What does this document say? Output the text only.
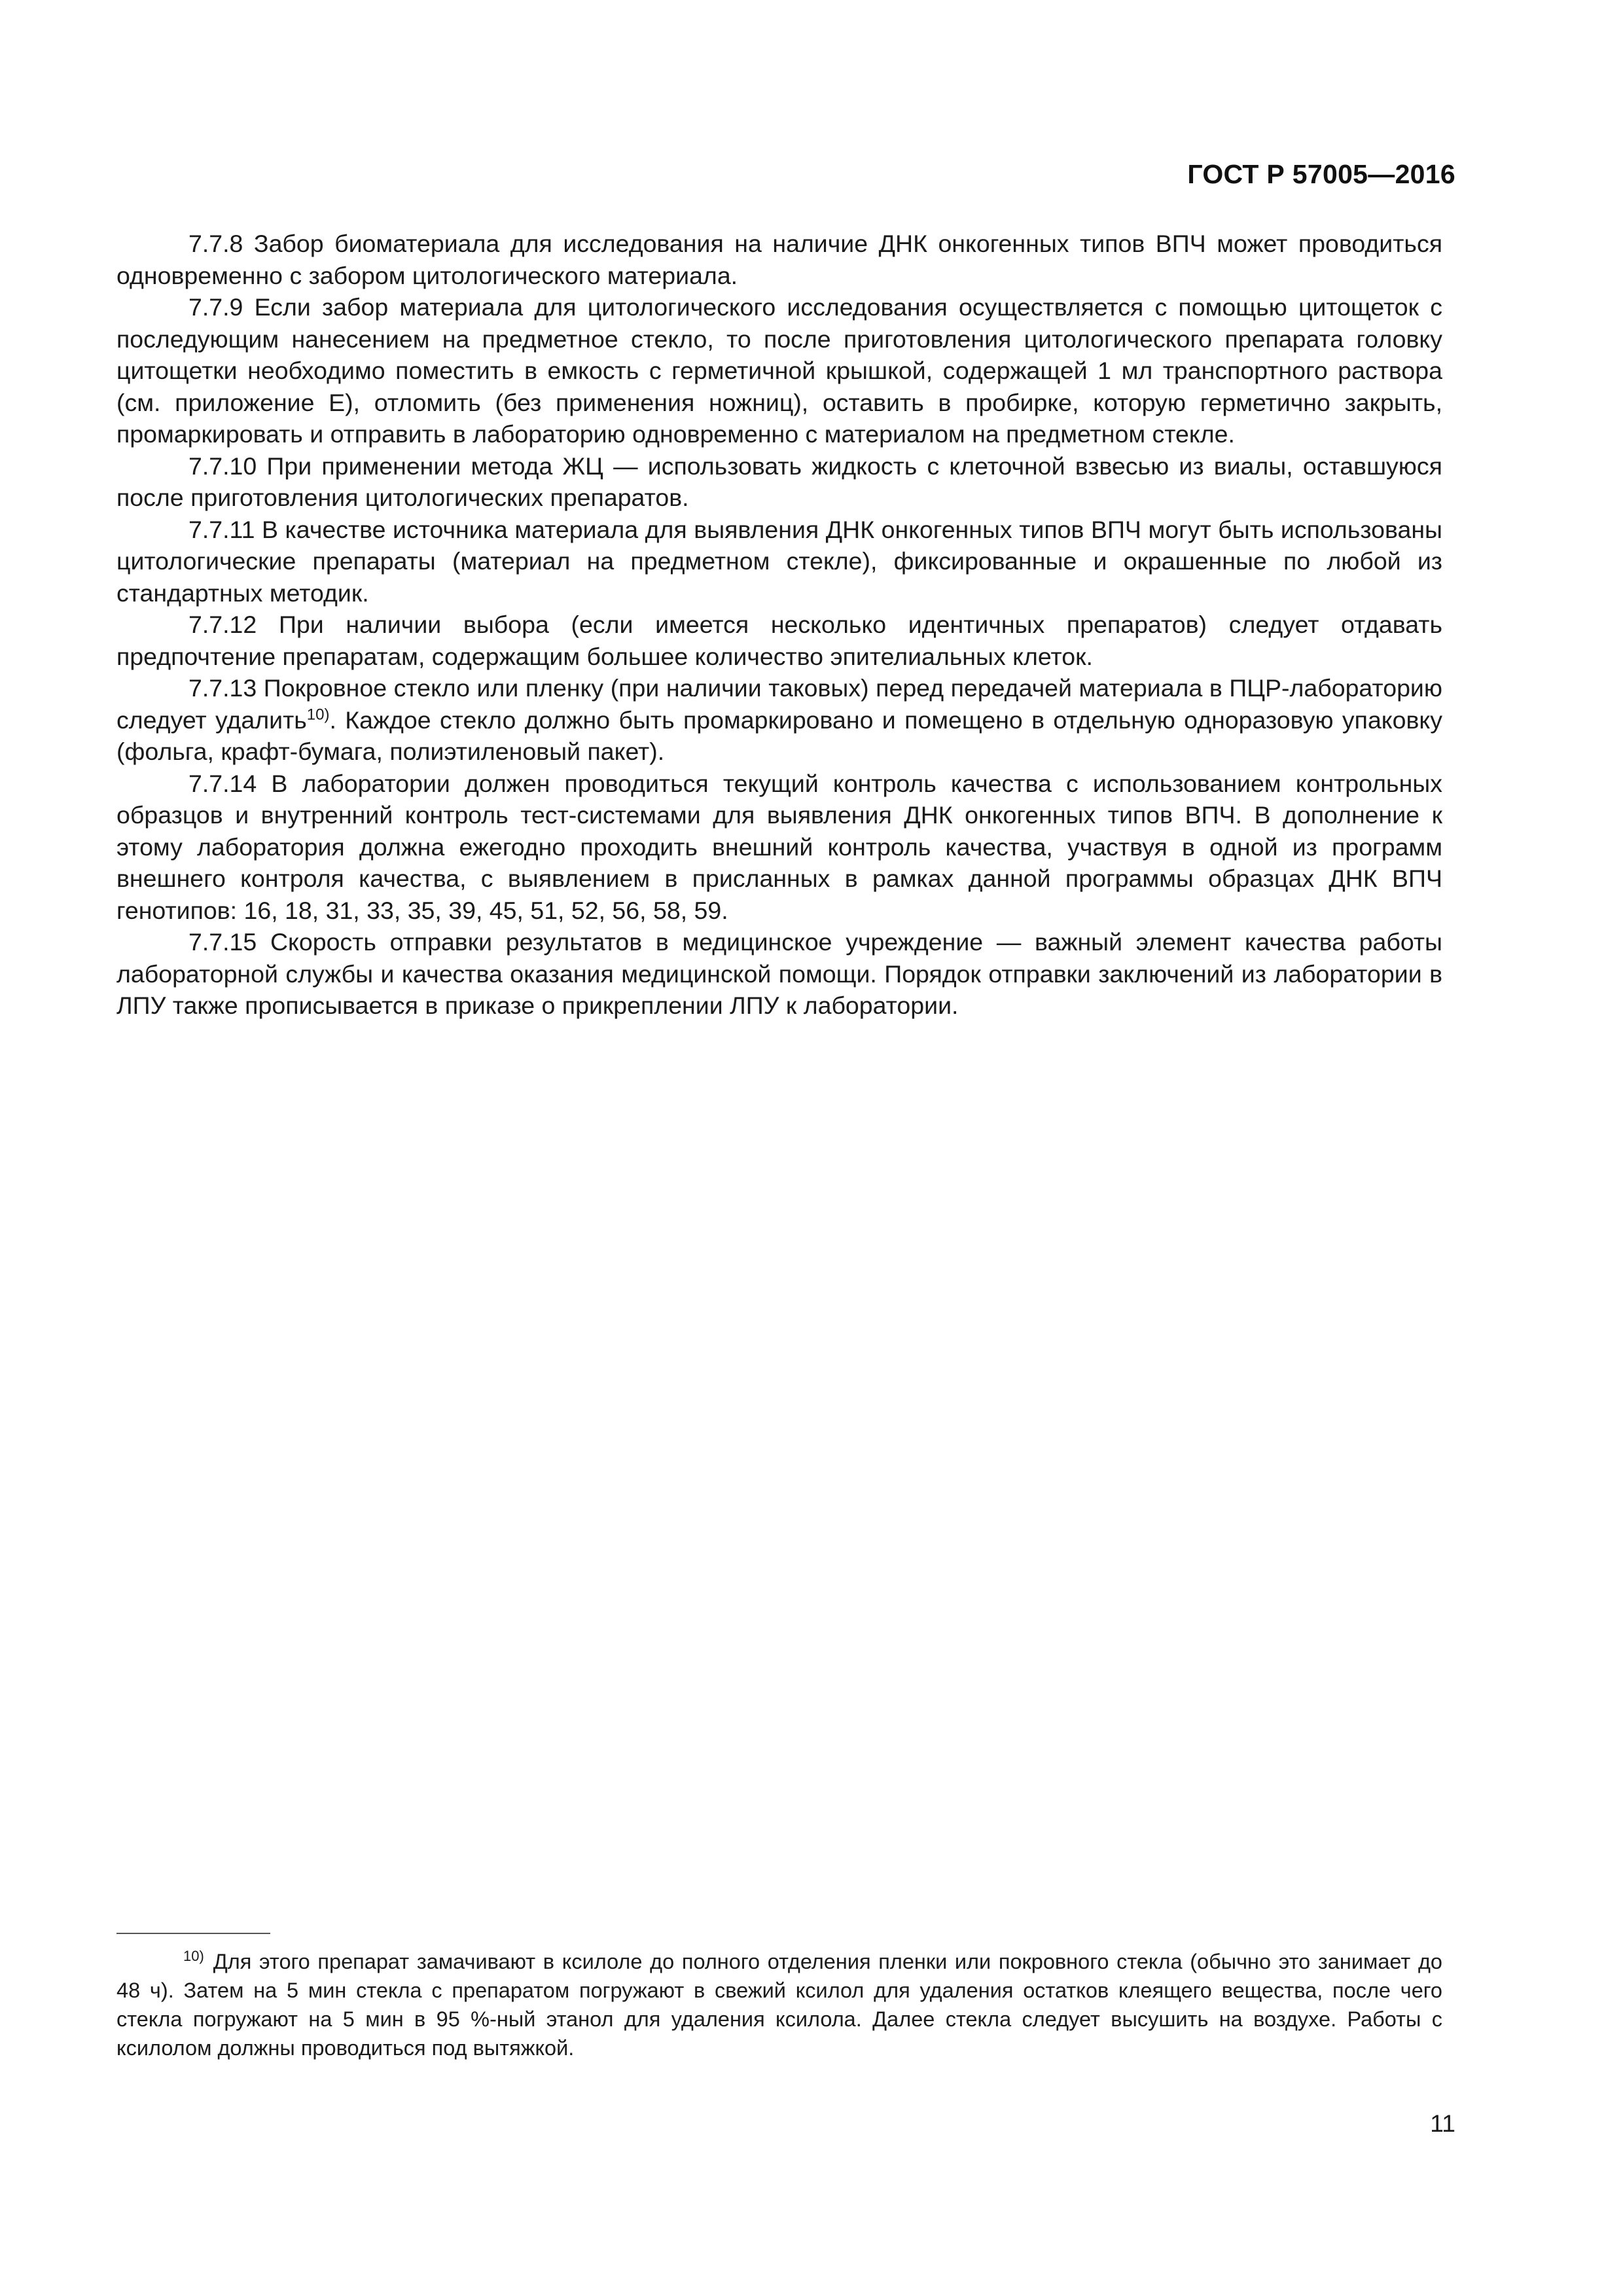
ГОСТ Р 57005—2016

7.7.8 Забор биоматериала для исследования на наличие ДНК онкогенных типов ВПЧ может проводиться одновременно с забором цитологического материала.

7.7.9 Если забор материала для цитологического исследования осуществляется с помощью цитощеток с последующим нанесением на предметное стекло, то после приготовления цитологического препарата головку цитощетки необходимо поместить в емкость с герметичной крышкой, содержащей 1 мл транспортного раствора (см. приложение Е), отломить (без применения ножниц), оставить в пробирке, которую герметично закрыть, промаркировать и отправить в лабораторию одновременно с материалом на предметном стекле.

7.7.10 При применении метода ЖЦ — использовать жидкость с клеточной взвесью из виалы, оставшуюся после приготовления цитологических препаратов.

7.7.11 В качестве источника материала для выявления ДНК онкогенных типов ВПЧ могут быть использованы цитологические препараты (материал на предметном стекле), фиксированные и окрашенные по любой из стандартных методик.

7.7.12 При наличии выбора (если имеется несколько идентичных препаратов) следует отдавать предпочтение препаратам, содержащим большее количество эпителиальных клеток.

7.7.13 Покровное стекло или пленку (при наличии таковых) перед передачей материала в ПЦР-лабораторию следует удалить$^{10)}$. Каждое стекло должно быть промаркировано и помещено в отдельную одноразовую упаковку (фольга, крафт-бумага, полиэтиленовый пакет).

7.7.14 В лаборатории должен проводиться текущий контроль качества с использованием контрольных образцов и внутренний контроль тест-системами для выявления ДНК онкогенных типов ВПЧ. В дополнение к этому лаборатория должна ежегодно проходить внешний контроль качества, участвуя в одной из программ внешнего контроля качества, с выявлением в присланных в рамках данной программы образцах ДНК ВПЧ генотипов: 16, 18, 31, 33, 35, 39, 45, 51, 52, 56, 58, 59.

7.7.15 Скорость отправки результатов в медицинское учреждение — важный элемент качества работы лабораторной службы и качества оказания медицинской помощи. Порядок отправки заключений из лаборатории в ЛПУ также прописывается в приказе о прикреплении ЛПУ к лаборатории.

$^{10)}$ Для этого препарат замачивают в ксилоле до полного отделения пленки или покровного стекла (обычно это занимает до 48 ч). Затем на 5 мин стекла с препаратом погружают в свежий ксилол для удаления остатков клеящего вещества, после чего стекла погружают на 5 мин в 95 %-ный этанол для удаления ксилола. Далее стекла следует высушить на воздухе. Работы с ксилолом должны проводиться под вытяжкой.

11
